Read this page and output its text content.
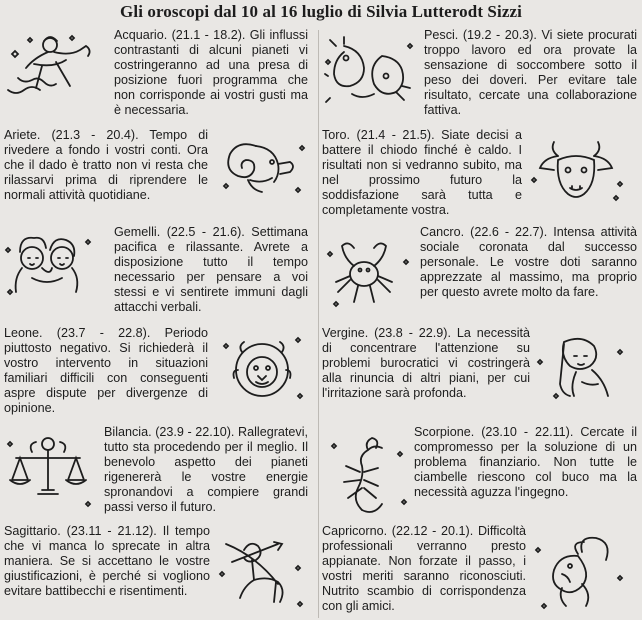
Gli oroscopi dal 10 al 16 luglio di Silvia Lutterodt Sizzi
Acquario. (21.1 - 18.2). Gli influssi contrastanti di alcuni pianeti vi costringeranno ad una presa di posizione fuori programma che non corrisponde ai vostri gusti ma è necessaria.
Pesci. (19.2 - 20.3). Vi siete procurati troppo lavoro ed ora provate la sensazione di soccombere sotto il peso dei doveri. Per evitare tale risultato, cercate una collaborazione fattiva.
Ariete. (21.3 - 20.4). Tempo di rivedere a fondo i vostri conti. Ora che il dado è tratto non vi resta che rilassarvi prima di riprendere le normali attività quotidiane.
Toro. (21.4 - 21.5). Siate decisi a battere il chiodo finché è caldo. I risultati non si vedranno subito, ma nel prossimo futuro la soddisfazione sarà tutta e completamente vostra.
Gemelli. (22.5 - 21.6). Settimana pacifica e rilassante. Avrete a disposizione tutto il tempo necessario per pensare a voi stessi e vi sentirete immuni dagli attacchi verbali.
Cancro. (22.6 - 22.7). Intensa attività sociale coronata dal successo personale. Le vostre doti saranno apprezzate al massimo, ma proprio per questo avrete molto da fare.
Leone. (23.7 - 22.8). Periodo piuttosto negativo. Si richiederà il vostro intervento in situazioni familiari difficili con conseguenti aspre dispute per divergenze di opinione.
Vergine. (23.8 - 22.9). La necessità di concentrare l'attenzione su problemi burocratici vi costringerà alla rinuncia di altri piani, per cui l'irritazione sarà profonda.
Bilancia. (23.9 - 22.10). Rallegratevi, tutto sta procedendo per il meglio. Il benevolo aspetto dei pianeti rigenererà le vostre energie spronandovi a compiere grandi passi verso il futuro.
Scorpione. (23.10 - 22.11). Cercate il compromesso per la soluzione di un problema finanziario. Non tutte le ciambelle riescono col buco ma la necessità aguzza l'ingegno.
Sagittario. (23.11 - 21.12). Il tempo che vi manca lo sprecate in altra maniera. Se si accettano le vostre giustificazioni, è perché si vogliono evitare battibecchi e risentimenti.
Capricorno. (22.12 - 20.1). Difficoltà professionali verranno presto appianate. Non forzate il passo, i vostri meriti saranno riconosciuti. Nutrito scambio di corrispondenza con gli amici.
